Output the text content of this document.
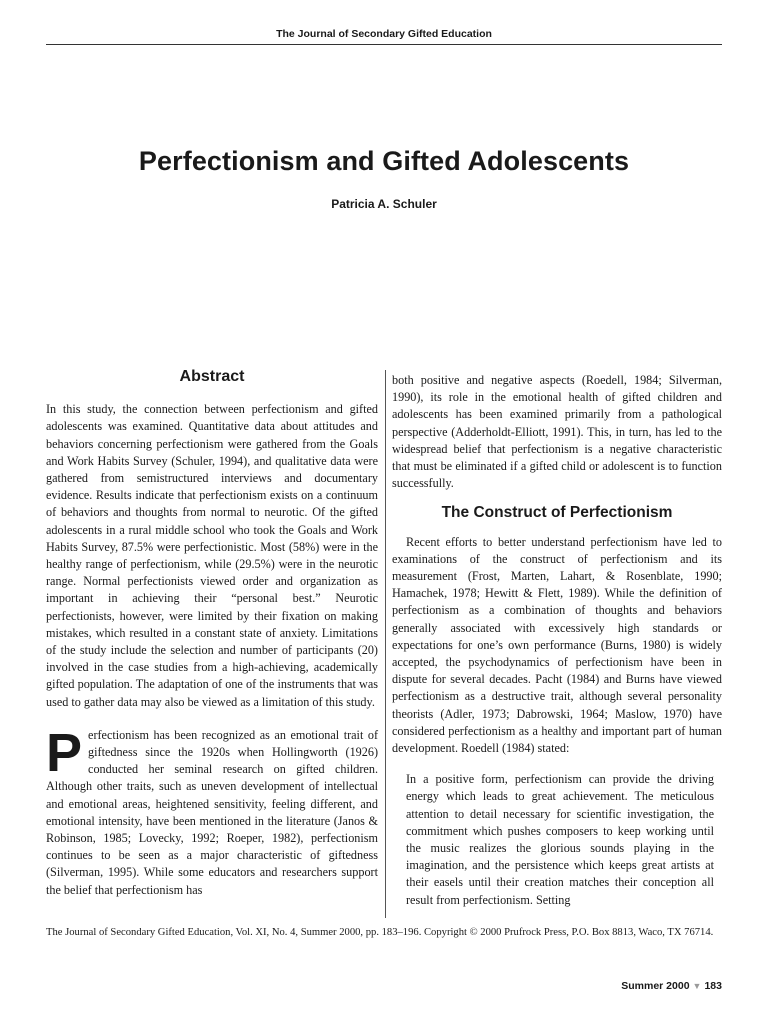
The Journal of Secondary Gifted Education
Perfectionism and Gifted Adolescents
Patricia A. Schuler
Abstract

In this study, the connection between perfectionism and gifted adolescents was examined. Quantitative data about attitudes and behaviors concerning perfectionism were gathered from the Goals and Work Habits Survey (Schuler, 1994), and qualitative data were gathered from semistructured interviews and documentary evidence. Results indicate that perfectionism exists on a continuum of behaviors and thoughts from normal to neurotic. Of the gifted adolescents in a rural middle school who took the Goals and Work Habits Survey, 87.5% were perfectionistic. Most (58%) were in the healthy range of perfectionism, while (29.5%) were in the neurotic range. Normal perfectionists viewed order and organization as important in achieving their “personal best.” Neurotic perfectionists, however, were limited by their fixation on making mistakes, which resulted in a constant state of anxiety. Limitations of the study include the selection and number of participants (20) involved in the case studies from a high-achieving, academically gifted population. The adaptation of one of the instruments that was used to gather data may also be viewed as a limitation of this study.

Perfectionism has been recognized as an emotional trait of giftedness since the 1920s when Hollingworth (1926) conducted her seminal research on gifted children. Although other traits, such as uneven development of intellectual and emotional areas, heightened sensitivity, feeling different, and emotional intensity, have been mentioned in the literature (Janos & Robinson, 1985; Lovecky, 1992; Roeper, 1982), perfectionism continues to be seen as a major characteristic of giftedness (Silverman, 1995). While some educators and researchers support the belief that perfectionism has

both positive and negative aspects (Roedell, 1984; Silverman, 1990), its role in the emotional health of gifted children and adolescents has been examined primarily from a pathological perspective (Adderholdt-Elliott, 1991). This, in turn, has led to the widespread belief that perfectionism is a negative characteristic that must be eliminated if a gifted child or adolescent is to function successfully.

The Construct of Perfectionism

Recent efforts to better understand perfectionism have led to examinations of the construct of perfectionism and its measurement (Frost, Marten, Lahart, & Rosenblate, 1990; Hamachek, 1978; Hewitt & Flett, 1989). While the definition of perfectionism as a combination of thoughts and behaviors generally associated with excessively high standards or expectations for one’s own performance (Burns, 1980) is widely accepted, the psychodynamics of perfectionism have been in dispute for several decades. Pacht (1984) and Burns have viewed perfectionism as a destructive trait, although several personality theorists (Adler, 1973; Dabrowski, 1964; Maslow, 1970) have considered perfectionism as a healthy and important part of human development. Roedell (1984) stated:

In a positive form, perfectionism can provide the driving energy which leads to great achievement. The meticulous attention to detail necessary for scientific investigation, the commitment which pushes composers to keep working until the music realizes the glorious sounds playing in the imagination, and the persistence which keeps great artists at their easels until their creation matches their conception all result from perfectionism. Setting

The Journal of Secondary Gifted Education, Vol. XI, No. 4, Summer 2000, pp. 183–196. Copyright © 2000 Prufrock Press, P.O. Box 8813, Waco, TX 76714.
Summer 2000 ▼ 183
